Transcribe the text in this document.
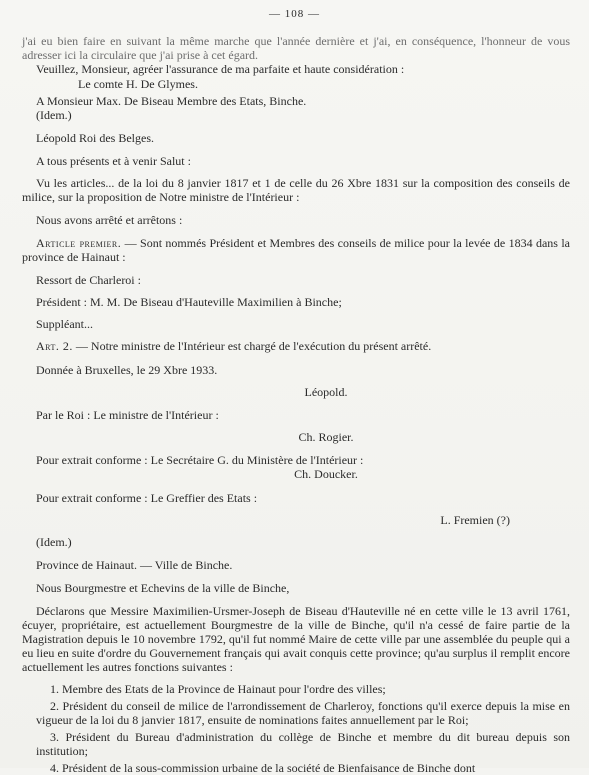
— 108 —

j'ai eu bien faire en suivant la même marche que l'année dernière et j'ai, en conséquence, l'honneur de vous adresser ici la circulaire que j'ai prise à cet égard.

Veuillez, Monsieur, agréer l'assurance de ma parfaite et haute considération :

Le comte H. De Glymes.

A Monsieur Max. De Biseau Membre des Etats, Binche.

(Idem.)

Léopold Roi des Belges.

A tous présents et à venir Salut :

Vu les articles... de la loi du 8 janvier 1817 et 1 de celle du 26 Xbre 1831 sur la composition des conseils de milice, sur la proposition de Notre ministre de l'Intérieur :

Nous avons arrêté et arrêtons :

Article premier. — Sont nommés Président et Membres des conseils de milice pour la levée de 1834 dans la province de Hainaut :

Ressort de Charleroi :

Président : M. M. De Biseau d'Hauteville Maximilien à Binche;

Suppléant...

Art. 2. — Notre ministre de l'Intérieur est chargé de l'exécution du présent arrêté.

Donnée à Bruxelles, le 29 Xbre 1933.

Léopold.

Par le Roi : Le ministre de l'Intérieur :

Ch. Rogier.

Pour extrait conforme : Le Secrétaire G. du Ministère de l'Intérieur :

Ch. Doucker.

Pour extrait conforme : Le Greffier des Etats :

L. Fremien (?)

(Idem.)

Province de Hainaut. — Ville de Binche.

Nous Bourgmestre et Echevins de la ville de Binche,

Déclarons que Messire Maximilien-Ursmer-Joseph de Biseau d'Hauteville né en cette ville le 13 avril 1761, écuyer, propriétaire, est actuellement Bourgmestre de la ville de Binche, qu'il n'a cessé de faire partie de la Magistration depuis le 10 novembre 1792, qu'il fut nommé Maire de cette ville par une assemblée du peuple qui a eu lieu en suite d'ordre du Gouvernement français qui avait conquis cette province; qu'au surplus il remplit encore actuellement les autres fonctions suivantes :

1. Membre des Etats de la Province de Hainaut pour l'ordre des villes;

2. Président du conseil de milice de l'arrondissement de Charleroy, fonctions qu'il exerce depuis la mise en vigueur de la loi du 8 janvier 1817, ensuite de nominations faites annuellement par le Roi;

3. Président du Bureau d'administration du collège de Binche et membre du dit bureau depuis son institution;

4. Président de la sous-commission urbaine de la société de Bienfaisance de Binche dont
